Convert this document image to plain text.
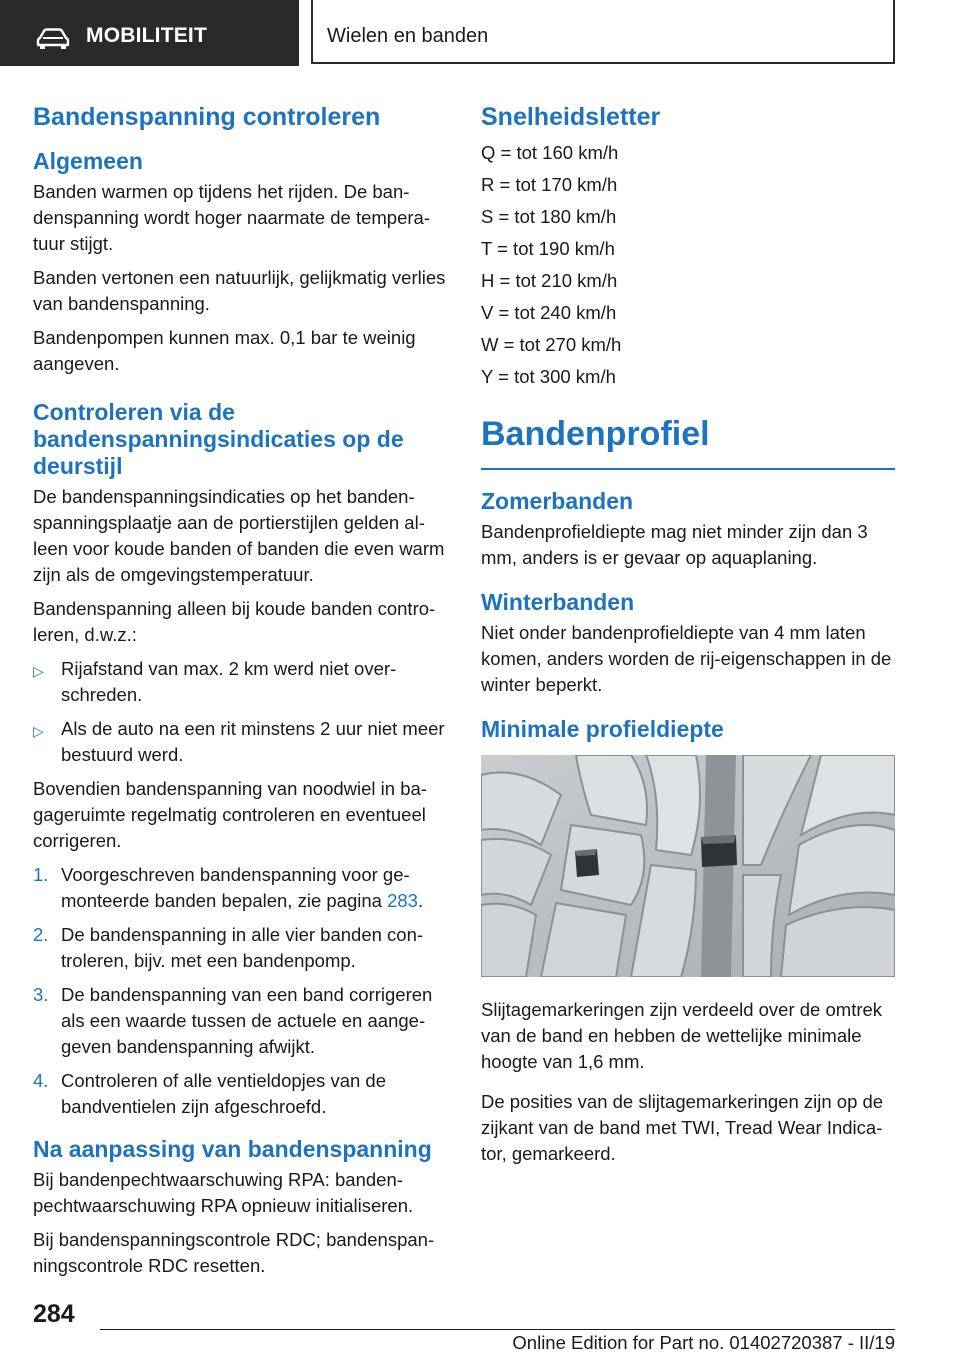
MOBILITEIT	Wielen en banden
Bandenspanning controleren
Algemeen

Banden warmen op tijdens het rijden. De bandenspanning wordt hoger naarmate de temperatuur stijgt.

Banden vertonen een natuurlijk, gelijkmatig verlies van bandenspanning.

Bandenpompen kunnen max. 0,1 bar te weinig aangeven.

Controleren via de bandenspanningsindicaties op de deurstijl

De bandenspanningsindicaties op het bandenspanningsplaatje aan de portierstijlen gelden alleen voor koude banden of banden die even warm zijn als de omgevingstemperatuur.

Bandenspanning alleen bij koude banden controleren, d.w.z.:

▷ Rijafstand van max. 2 km werd niet overschreden.
▷ Als de auto na een rit minstens 2 uur niet meer bestuurd werd.

Bovendien bandenspanning van noodwiel in bagageruimte regelmatig controleren en eventueel corrigeren.

1. Voorgeschreven bandenspanning voor gemonteerde banden bepalen, zie pagina 283.
2. De bandenspanning in alle vier banden controleren, bijv. met een bandenpomp.
3. De bandenspanning van een band corrigeren als een waarde tussen de actuele en aangegeven bandenspanning afwijkt.
4. Controleren of alle ventieldopjes van de bandventielen zijn afgeschroefd.
Na aanpassing van bandenspanning

Bij bandenpechtwaarschuwing RPA: bandenpechtwaarschuwing RPA opnieuw initialiseren.

Bij bandenspanningscontrole RDC; bandenspanningscontrole RDC resetten.

Snelheidsletter

Q = tot 160 km/h

R = tot 170 km/h

S = tot 180 km/h

T = tot 190 km/h

H = tot 210 km/h

V = tot 240 km/h

W = tot 270 km/h

Y = tot 300 km/h

Bandenprofiel
Zomerbanden

Bandenprofieldiepte mag niet minder zijn dan 3 mm, anders is er gevaar op aquaplaning.

Winterbanden

Niet onder bandenprofieldiepte van 4 mm laten komen, anders worden de rij-eigenschappen in de winter beperkt.

Minimale profieldiepte

Slijtagemarkeringen zijn verdeeld over de omtrek van de band en hebben de wettelijke minimale hoogte van 1,6 mm.

De posities van de slijtagemarkeringen zijn op de zijkant van de band met TWI, Tread Wear Indicator, gemarkeerd.

284
Online Edition for Part no. 01402720387 - II/19
